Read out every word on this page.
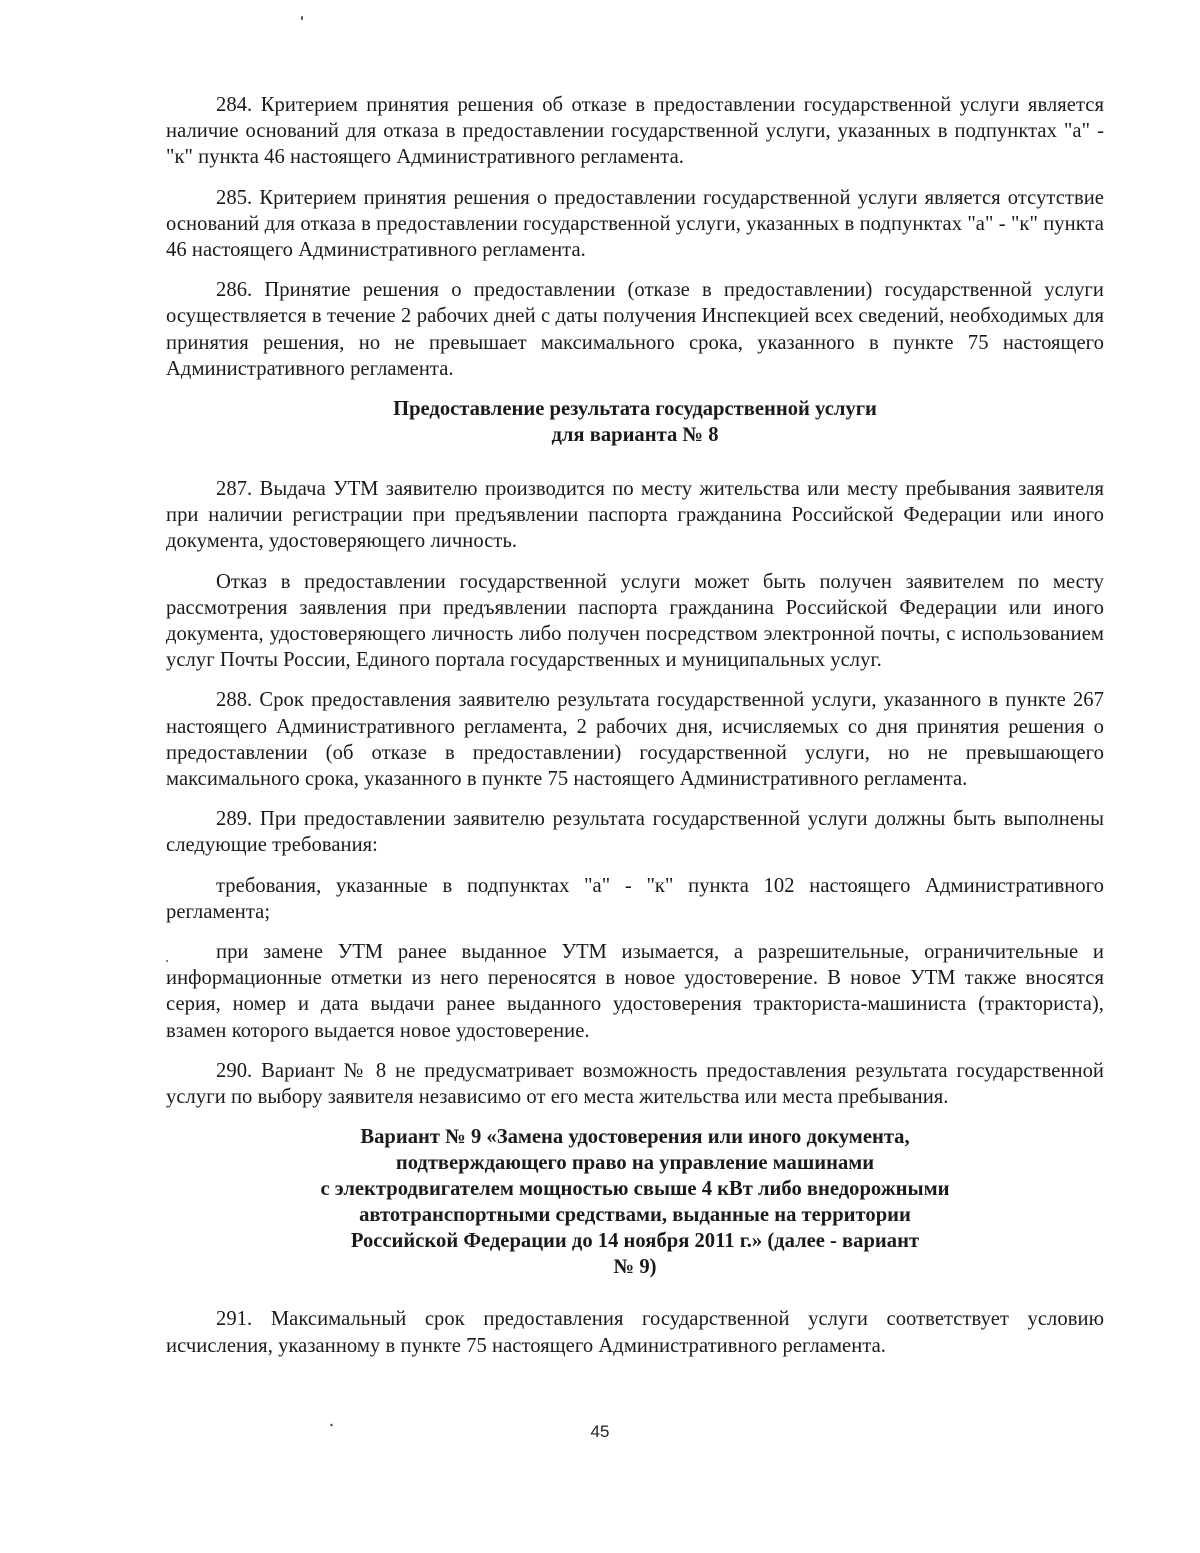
284. Критерием принятия решения об отказе в предоставлении государственной услуги является наличие оснований для отказа в предоставлении государственной услуги, указанных в подпунктах "а" - "к" пункта 46 настоящего Административного регламента.

285. Критерием принятия решения о предоставлении государственной услуги является отсутствие оснований для отказа в предоставлении государственной услуги, указанных в подпунктах "а" - "к" пункта 46 настоящего Административного регламента.

286. Принятие решения о предоставлении (отказе в предоставлении) государственной услуги осуществляется в течение 2 рабочих дней с даты получения Инспекцией всех сведений, необходимых для принятия решения, но не превышает максимального срока, указанного в пункте 75 настоящего Административного регламента.

Предоставление результата государственной услуги
для варианта № 8

287. Выдача УТМ заявителю производится по месту жительства или месту пребывания заявителя при наличии регистрации при предъявлении паспорта гражданина Российской Федерации или иного документа, удостоверяющего личность.

Отказ в предоставлении государственной услуги может быть получен заявителем по месту рассмотрения заявления при предъявлении паспорта гражданина Российской Федерации или иного документа, удостоверяющего личность либо получен посредством электронной почты, с использованием услуг Почты России, Единого портала государственных и муниципальных услуг.

288. Срок предоставления заявителю результата государственной услуги, указанного в пункте 267 настоящего Административного регламента, 2 рабочих дня, исчисляемых со дня принятия решения о предоставлении (об отказе в предоставлении) государственной услуги, но не превышающего максимального срока, указанного в пункте 75 настоящего Административного регламента.

289. При предоставлении заявителю результата государственной услуги должны быть выполнены следующие требования:

требования, указанные в подпунктах "а" - "к" пункта 102 настоящего Административного регламента;

при замене УТМ ранее выданное УТМ изымается, а разрешительные, ограничительные и информационные отметки из него переносятся в новое удостоверение. В новое УТМ также вносятся серия, номер и дата выдачи ранее выданного удостоверения тракториста-машиниста (тракториста), взамен которого выдается новое удостоверение.

290. Вариант № 8 не предусматривает возможность предоставления результата государственной услуги по выбору заявителя независимо от его места жительства или места пребывания.

Вариант № 9 «Замена удостоверения или иного документа,
подтверждающего право на управление машинами
с электродвигателем мощностью свыше 4 кВт либо внедорожными
автотранспортными средствами, выданные на территории
Российской Федерации до 14 ноября 2011 г.» (далее - вариант
№ 9)

291. Максимальный срок предоставления государственной услуги соответствует условию исчисления, указанному в пункте 75 настоящего Административного регламента.

45
